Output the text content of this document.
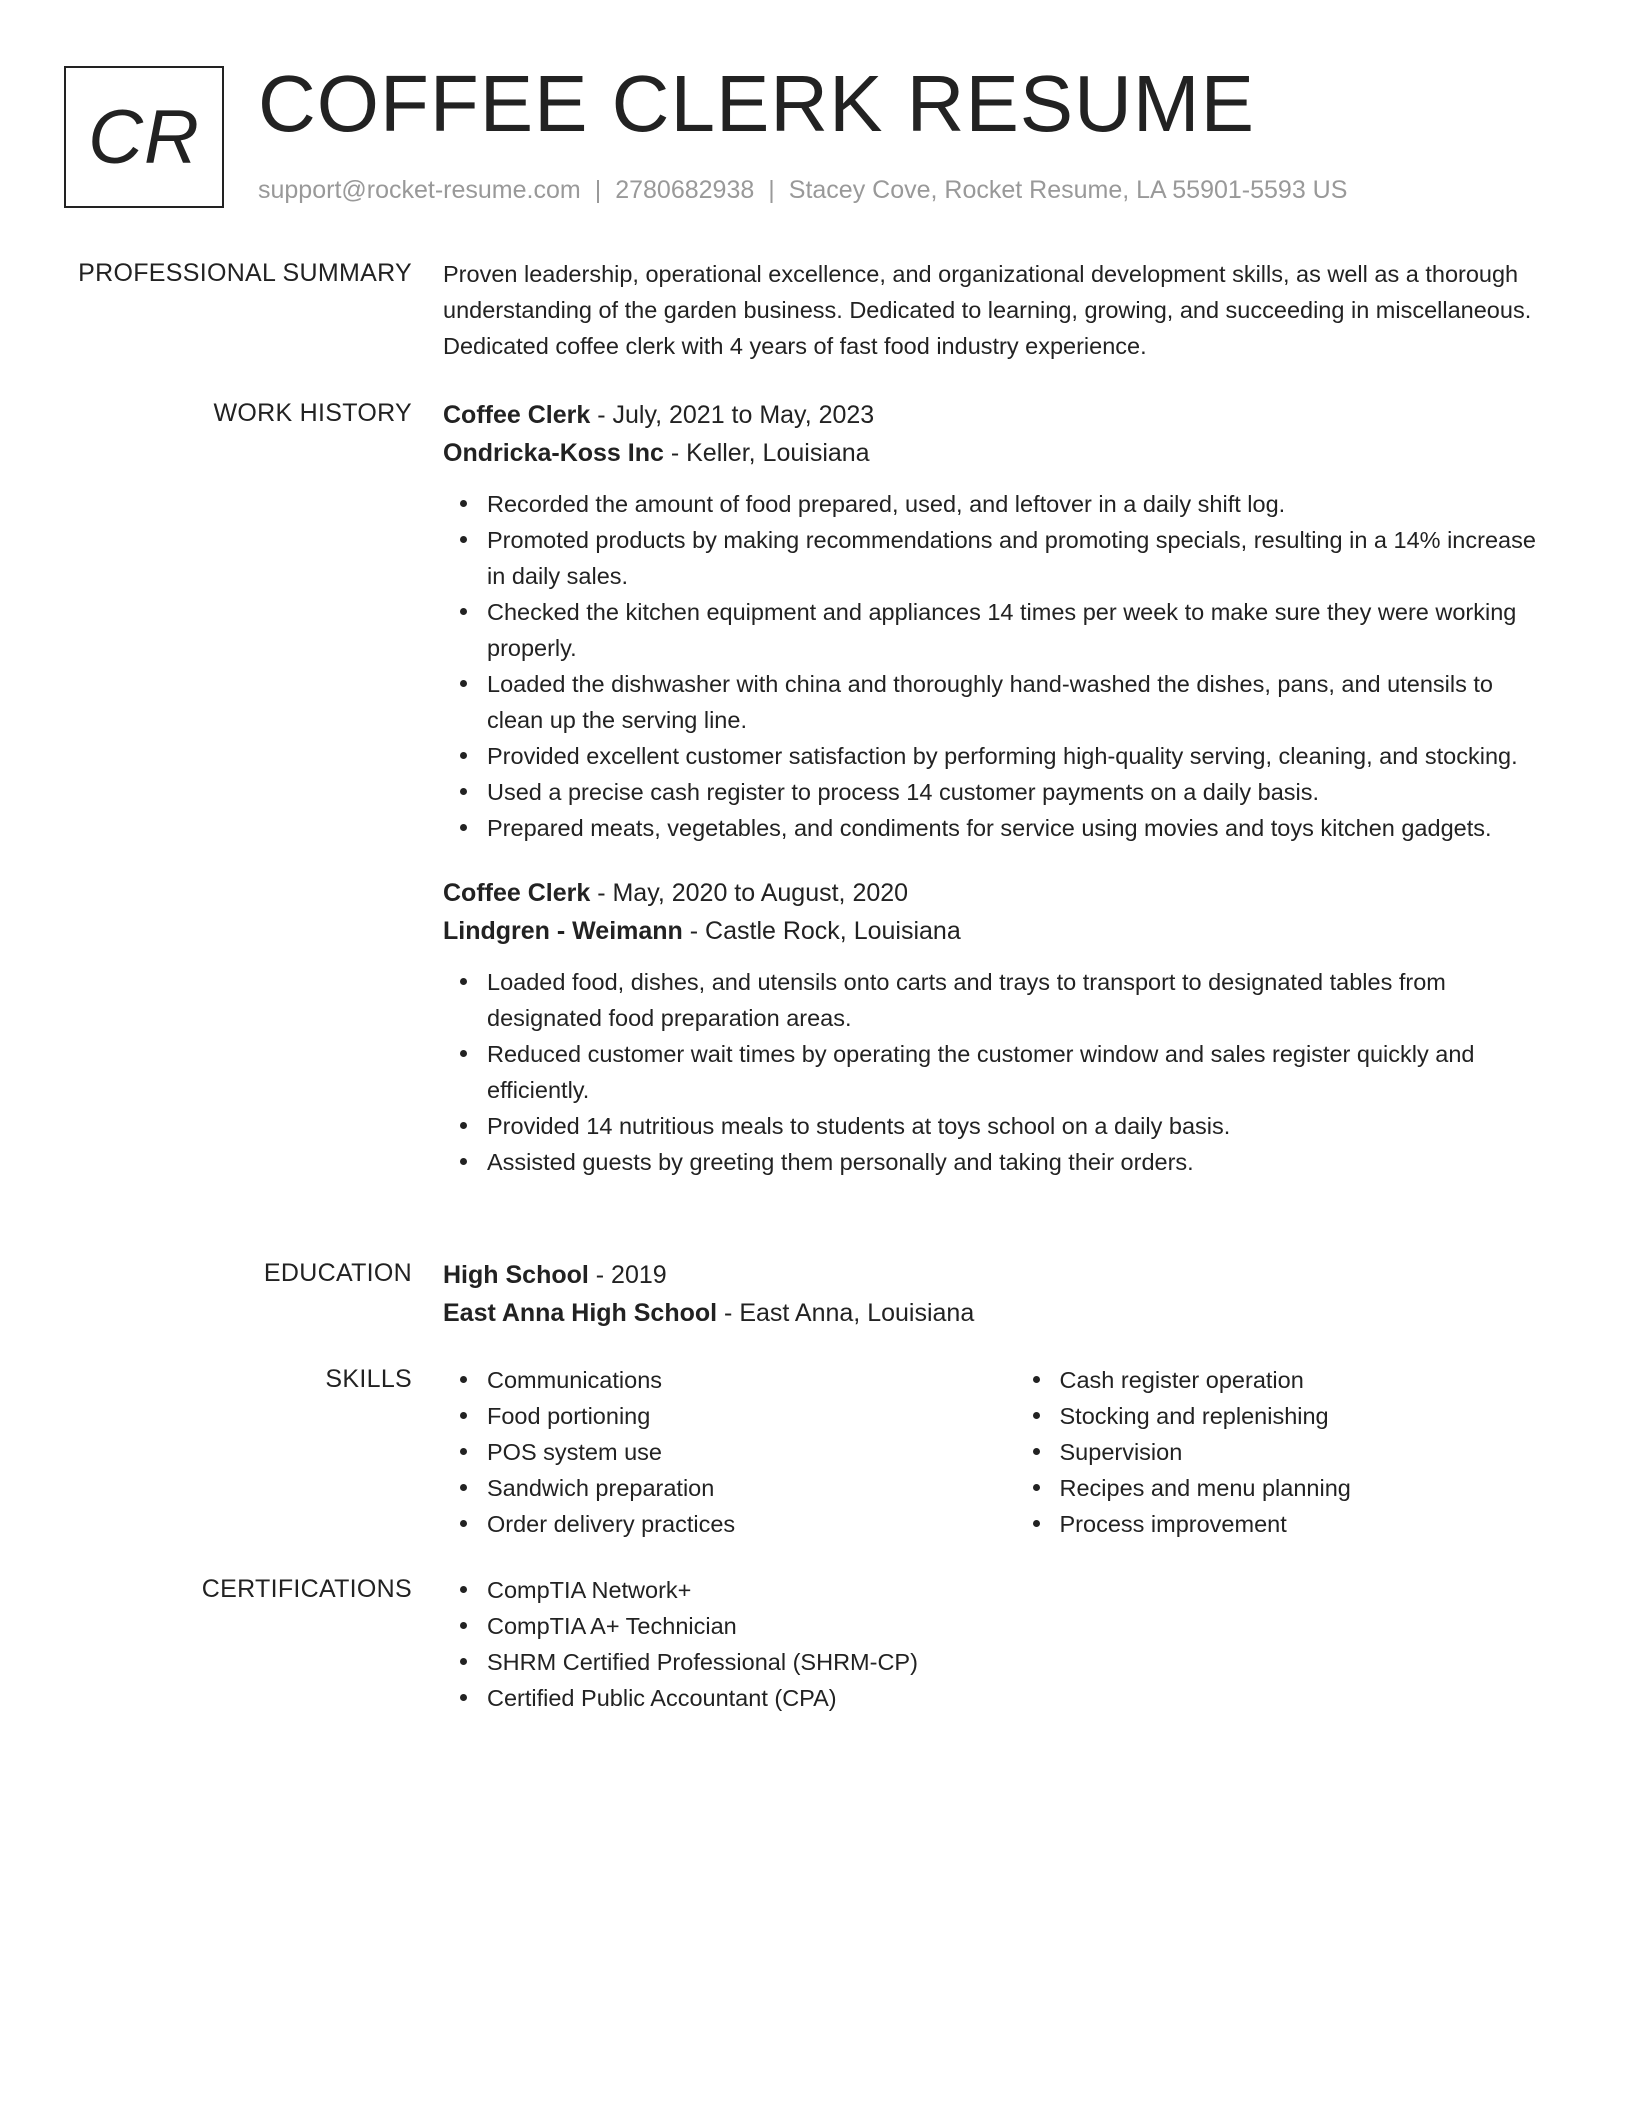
CR COFFEE CLERK RESUME
support@rocket-resume.com | 2780682938 | Stacey Cove, Rocket Resume, LA 55901-5593 US
PROFESSIONAL SUMMARY Proven leadership, operational excellence, and organizational development skills, as well as a thorough understanding of the garden business. Dedicated to learning, growing, and succeeding in miscellaneous. Dedicated coffee clerk with 4 years of fast food industry experience.

WORK HISTORY Coffee Clerk - July, 2021 to May, 2023

Ondricka-Koss Inc - Keller, Louisiana

Recorded the amount of food prepared, used, and leftover in a daily shift log.
Promoted products by making recommendations and promoting specials, resulting in a 14% increase in daily sales.
Checked the kitchen equipment and appliances 14 times per week to make sure they were working properly.
Loaded the dishwasher with china and thoroughly hand-washed the dishes, pans, and utensils to clean up the serving line.
Provided excellent customer satisfaction by performing high-quality serving, cleaning, and stocking.
Used a precise cash register to process 14 customer payments on a daily basis.
Prepared meats, vegetables, and condiments for service using movies and toys kitchen gadgets.

Coffee Clerk - May, 2020 to August, 2020

Lindgren - Weimann - Castle Rock, Louisiana

Loaded food, dishes, and utensils onto carts and trays to transport to designated tables from designated food preparation areas.
Reduced customer wait times by operating the customer window and sales register quickly and efficiently.
Provided 14 nutritious meals to students at toys school on a daily basis.
Assisted guests by greeting them personally and taking their orders.
EDUCATION High School - 2019

East Anna High School - East Anna, Louisiana

SKILLS	Communications
Food portioning
POS system use
Sandwich preparation
Order delivery practices
Cash register operation
Stocking and replenishing
Supervision
Recipes and menu planning
Process improvement
CERTIFICATIONS	CompTIA Network+
CompTIA A+ Technician
SHRM Certified Professional (SHRM-CP)
Certified Public Accountant (CPA)
